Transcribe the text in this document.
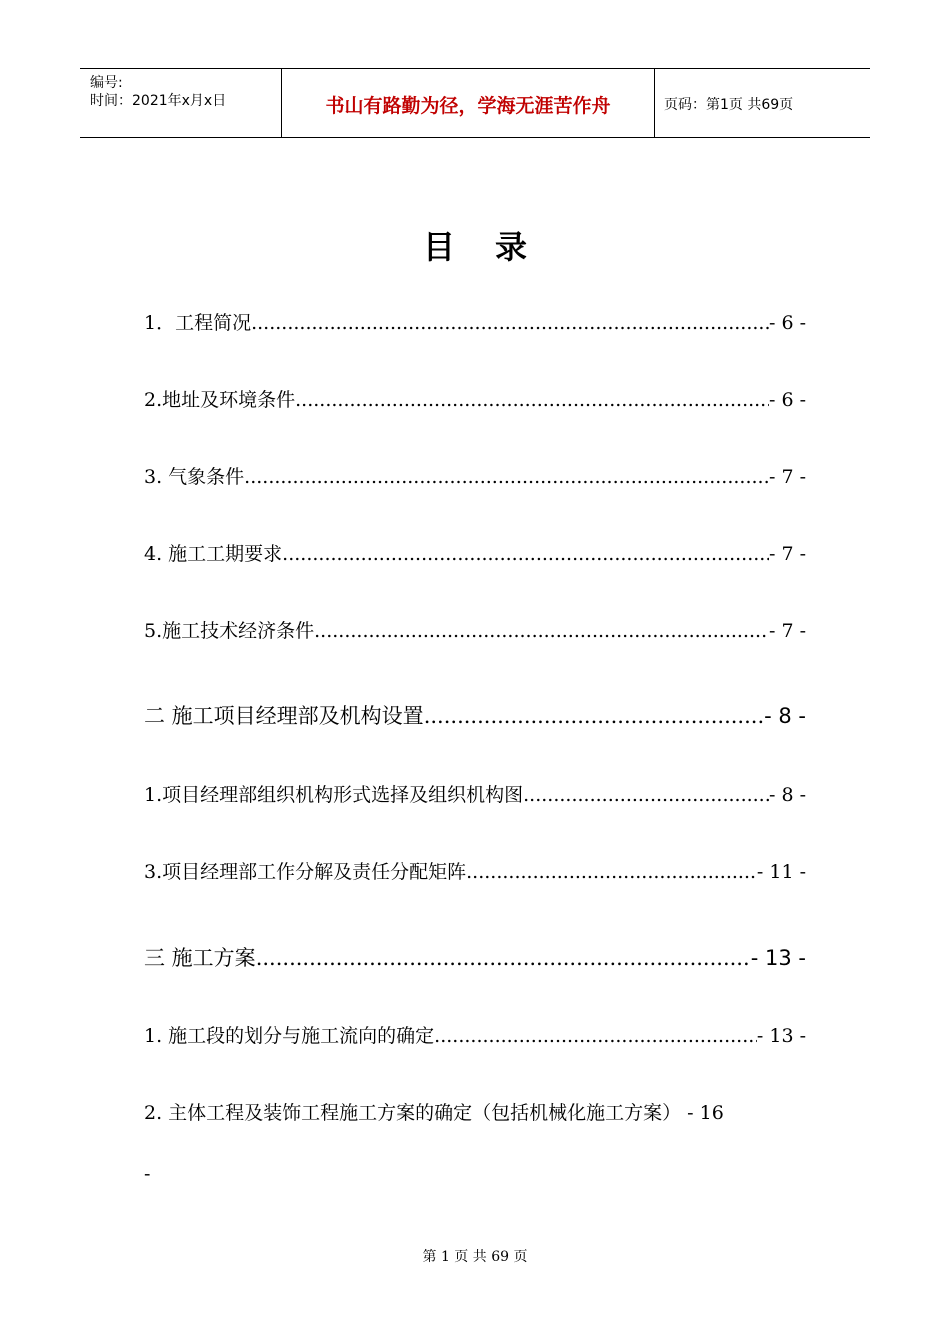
编号:
时间：2021年x月x日	书山有路勤为径，学海无涯苦作舟	页码：第1页 共69页
目录
1．工程简况 .....	- 6 -
2.地址及环境条件 .....	- 6 -
3. 气象条件 .....	- 7 -
4. 施工工期要求 .....	- 7 -
5.施工技术经济条件 .....	- 7 -
二 施工项目经理部及机构设置 .....	- 8 -
1.项目经理部组织机构形式选择及组织机构图 .....	- 8 -
3.项目经理部工作分解及责任分配矩阵 .....	- 11 -
三 施工方案 .....	- 13 -
1. 施工段的划分与施工流向的确定 .....	- 13 -
2. 主体工程及装饰工程施工方案的确定（包括机械化施工方案） - 16
-
第 1 页 共 69 页
